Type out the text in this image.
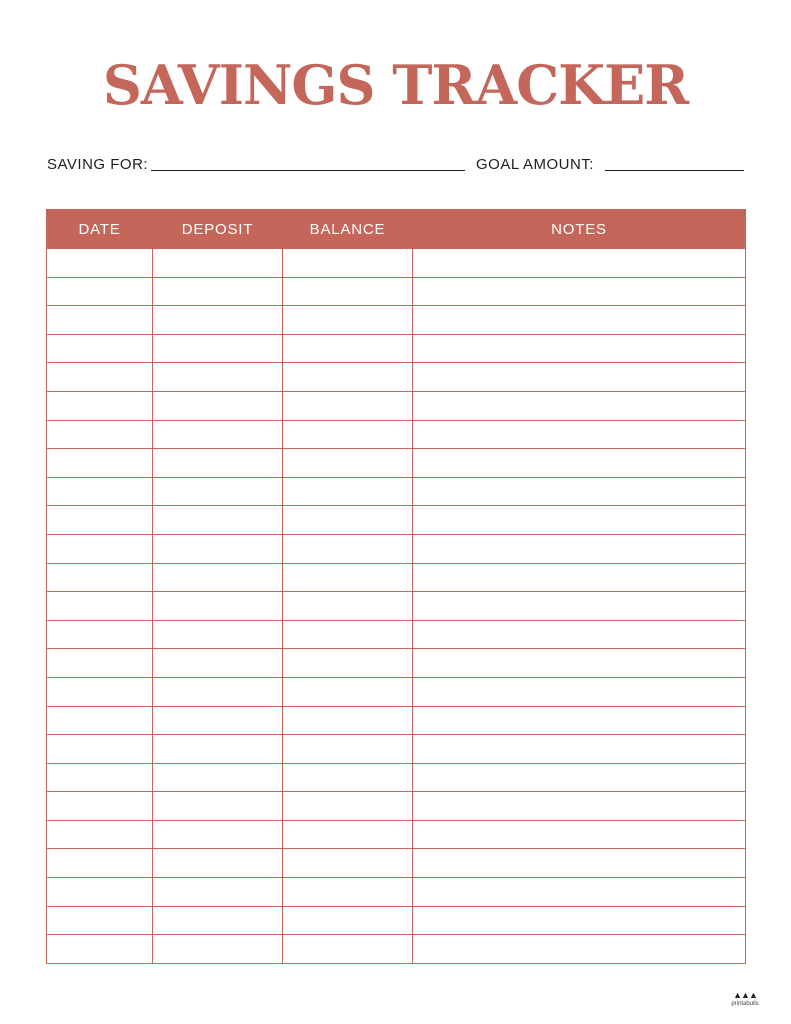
SAVINGS TRACKER
SAVING FOR:	GOAL AMOUNT:
DATE	DEPOSIT	BALANCE	NOTES

▲▲▲
printabulls
